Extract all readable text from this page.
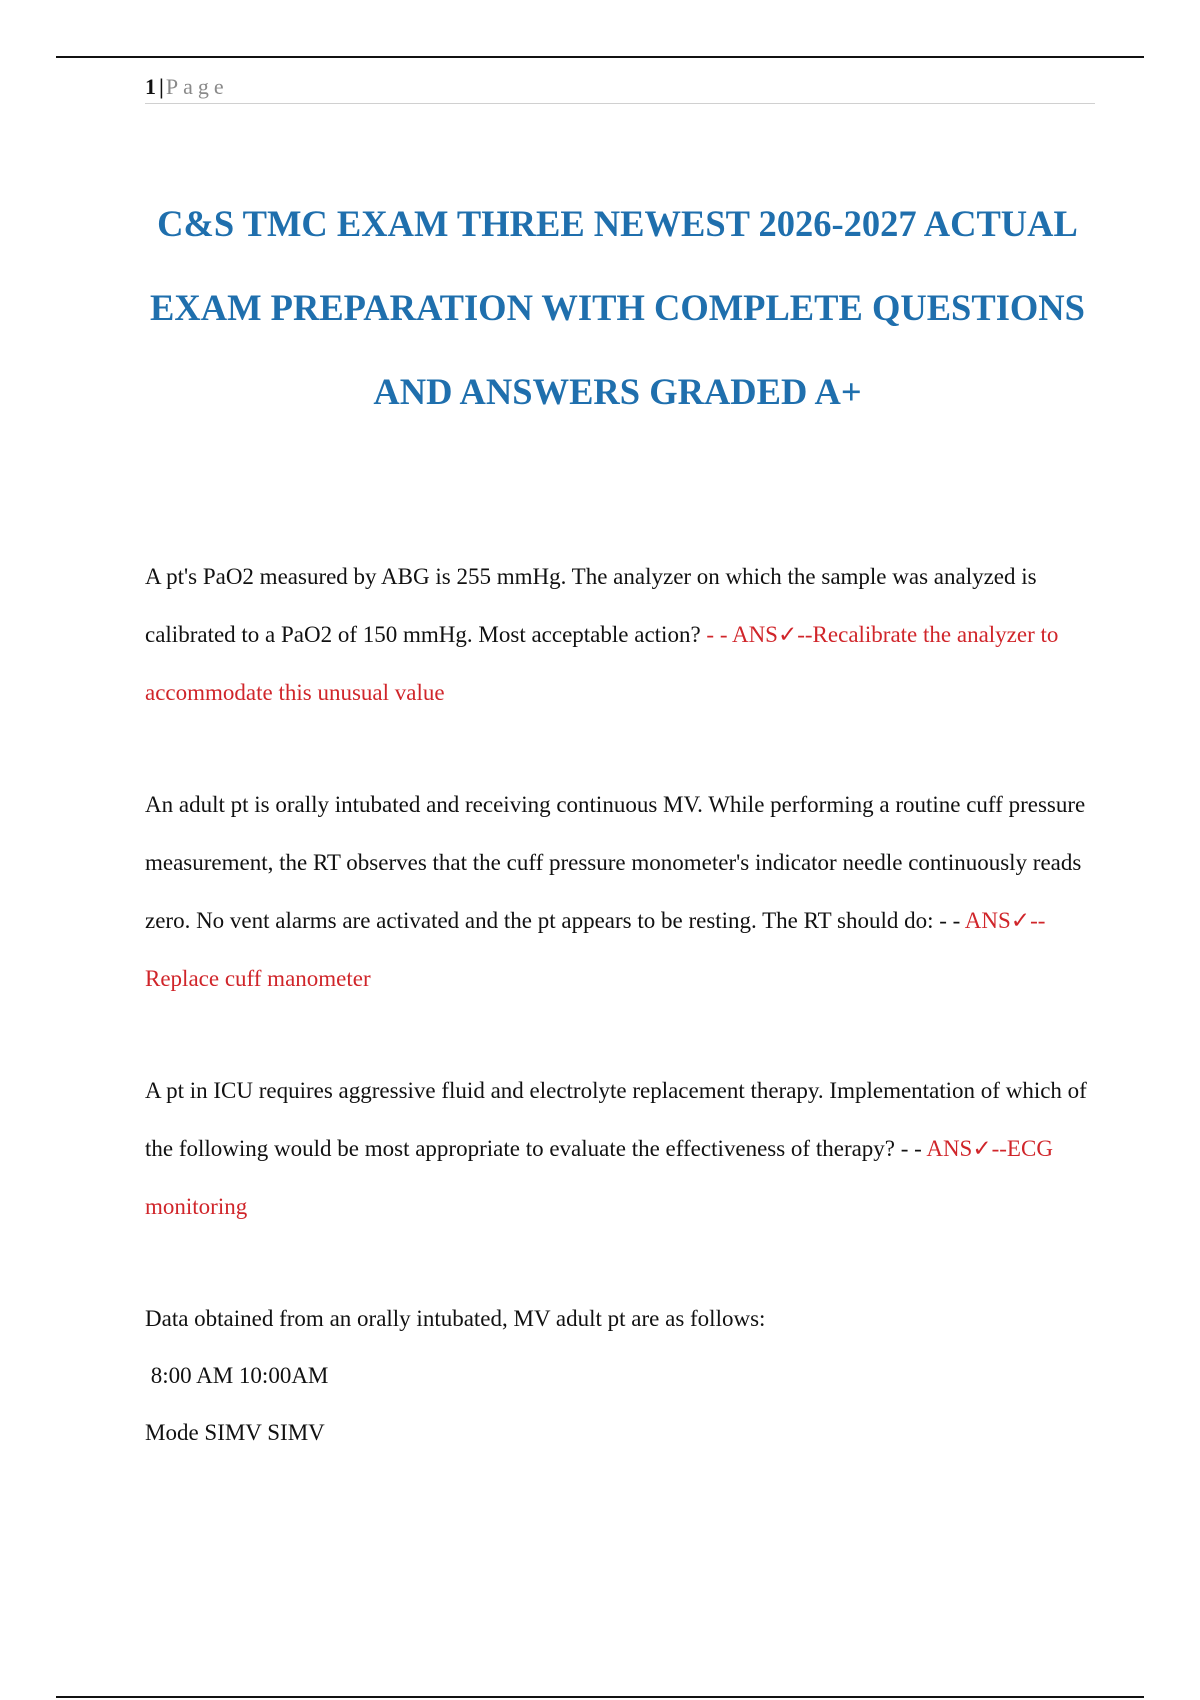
1 |Page
C&S TMC EXAM THREE NEWEST 2026-2027 ACTUAL
EXAM PREPARATION WITH COMPLETE QUESTIONS
AND ANSWERS GRADED A+

A pt's PaO2 measured by ABG is 255 mmHg. The analyzer on which the sample was analyzed is calibrated to a PaO2 of 150 mmHg. Most acceptable action? - - ANS✓--Recalibrate the analyzer to accommodate this unusual value

An adult pt is orally intubated and receiving continuous MV. While performing a routine cuff pressure measurement, the RT observes that the cuff pressure monometer's indicator needle continuously reads zero. No vent alarms are activated and the pt appears to be resting. The RT should do: - - ANS✓--Replace cuff manometer

A pt in ICU requires aggressive fluid and electrolyte replacement therapy. Implementation of which of the following would be most appropriate to evaluate the effectiveness of therapy? - - ANS✓--ECG monitoring

Data obtained from an orally intubated, MV adult pt are as follows:

8:00 AM 10:00AM

Mode SIMV SIMV
